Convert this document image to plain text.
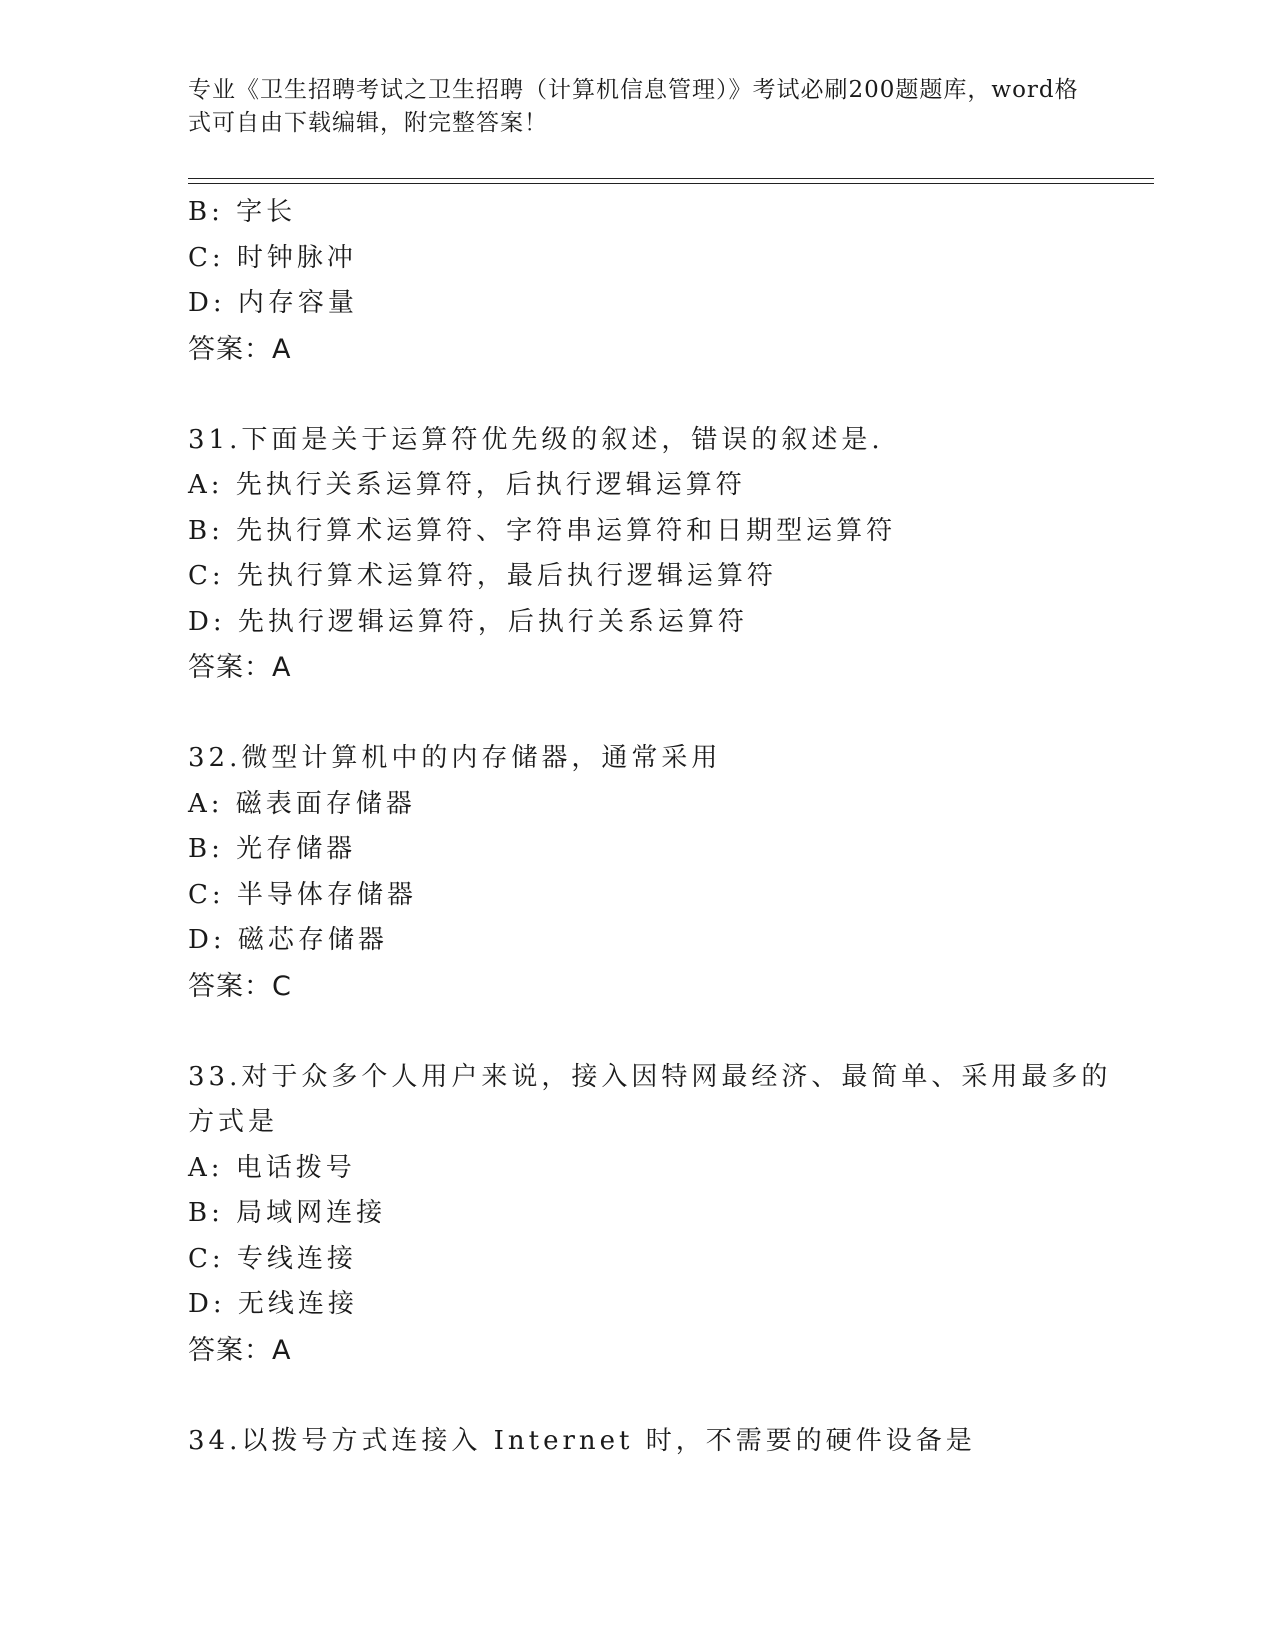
专业《卫生招聘考试之卫生招聘（计算机信息管理）》考试必刷200题题库，word格式可自由下载编辑，附完整答案！
B: 字长
C: 时钟脉冲
D: 内存容量
答案：A
31.下面是关于运算符优先级的叙述，错误的叙述是.
A: 先执行关系运算符，后执行逻辑运算符
B: 先执行算术运算符、字符串运算符和日期型运算符
C: 先执行算术运算符，最后执行逻辑运算符
D: 先执行逻辑运算符，后执行关系运算符
答案：A
32.微型计算机中的内存储器，通常采用
A: 磁表面存储器
B: 光存储器
C: 半导体存储器
D: 磁芯存储器
答案：C
33.对于众多个人用户来说，接入因特网最经济、最简单、采用最多的
方式是
A: 电话拨号
B: 局域网连接
C: 专线连接
D: 无线连接
答案：A
34.以拨号方式连接入 Internet 时，不需要的硬件设备是
